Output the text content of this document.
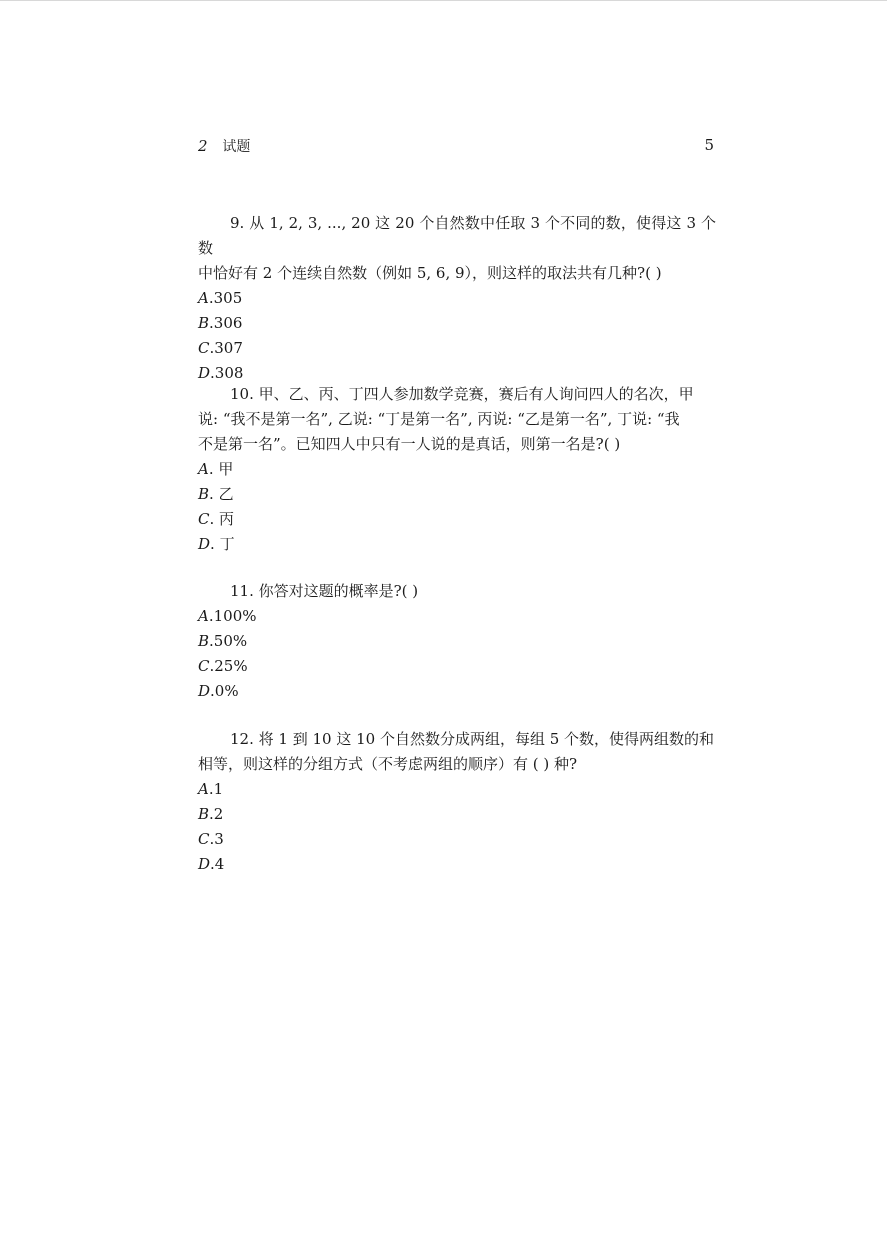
2 试题	5

9. 从 1, 2, 3, ..., 20 这 20 个自然数中任取 3 个不同的数，使得这 3 个数
中恰好有 2 个连续自然数（例如 5, 6, 9），则这样的取法共有几种?( )

A.305

B.306

C.307

D.308

10. 甲、乙、丙、丁四人参加数学竞赛，赛后有人询问四人的名次，甲
说: “我不是第一名”, 乙说: “丁是第一名”, 丙说: “乙是第一名”, 丁说: “我
不是第一名”。已知四人中只有一人说的是真话，则第一名是?( )

A. 甲

B. 乙

C. 丙

D. 丁

11. 你答对这题的概率是?( )

A.100%

B.50%

C.25%

D.0%

12. 将 1 到 10 这 10 个自然数分成两组，每组 5 个数，使得两组数的和
相等，则这样的分组方式（不考虑两组的顺序）有 ( ) 种?

A.1

B.2

C.3

D.4
